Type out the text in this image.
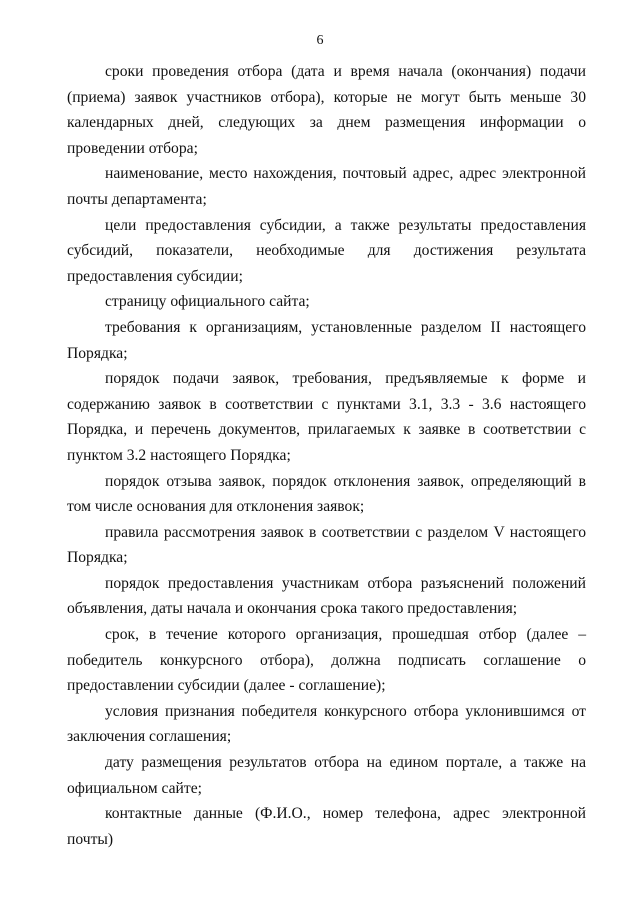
6

сроки проведения отбора (дата и время начала (окончания) подачи (приема) заявок участников отбора), которые не могут быть меньше 30 календарных дней, следующих за днем размещения информации о проведении отбора;

наименование, место нахождения, почтовый адрес, адрес электронной почты департамента;

цели предоставления субсидии, а также результаты предоставления субсидий, показатели, необходимые для достижения результата предоставления субсидии;

страницу официального сайта;

требования к организациям, установленные разделом II настоящего Порядка;

порядок подачи заявок, требования, предъявляемые к форме и содержанию заявок в соответствии с пунктами 3.1, 3.3 - 3.6 настоящего Порядка, и перечень документов, прилагаемых к заявке в соответствии с пунктом 3.2 настоящего Порядка;

порядок отзыва заявок, порядок отклонения заявок, определяющий в том числе основания для отклонения заявок;

правила рассмотрения заявок в соответствии с разделом V настоящего Порядка;

порядок предоставления участникам отбора разъяснений положений объявления, даты начала и окончания срока такого предоставления;

срок, в течение которого организация, прошедшая отбор (далее – победитель конкурсного отбора), должна подписать соглашение о предоставлении субсидии (далее - соглашение);

условия признания победителя конкурсного отбора уклонившимся от заключения соглашения;

дату размещения результатов отбора на едином портале, а также на официальном сайте;

контактные данные (Ф.И.О., номер телефона, адрес электронной почты)
